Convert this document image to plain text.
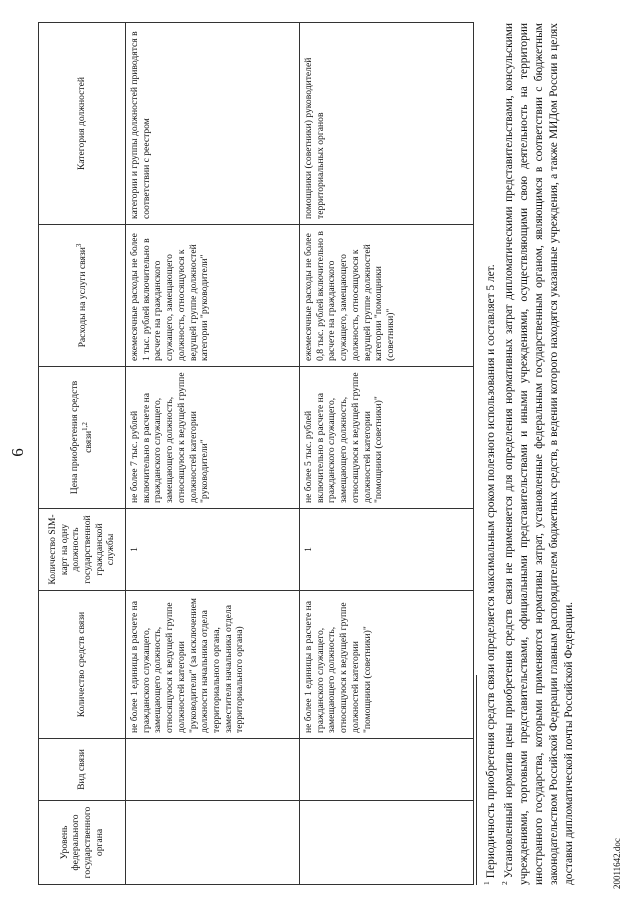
6
Уровень федерального государственного органа	Вид связи	Количество средств связи	Количество SIM-карт на одну должность государственной гражданской службы	Цена приобретения средств связи$^{1,2}$	Расходы на услуги связи$^3$	Категория должностей
		не более 1 единицы в расчете на гражданского служащего, замещающего должность, относящуюся к ведущей группе должностей категории "руководители" (за исключением должности начальника отдела территориального органа, заместителя начальника отдела территориального органа)	1	не более 7 тыс. рублей включительно в расчете на гражданского служащего, замещающего должность, относящуюся к ведущей группе должностей категории "руководители"	ежемесячные расходы не более 1 тыс. рублей включительно в расчете на гражданского служащего, замещающего должность, относящуюся к ведущей группе должностей категории "руководители"	категории и группы должностей приводятся в соответствии с реестром
		не более 1 единицы в расчете на гражданского служащего, замещающего должность, относящуюся к ведущей группе должностей категории "помощники (советники)"	1	не более 5 тыс. рублей включительно в расчете на гражданского служащего, замещающего должность, относящуюся к ведущей группе должностей категории "помощники (советники)"	ежемесячные расходы не более 0,8 тыс. рублей включительно в расчете на гражданского служащего, замещающего должность, относящуюся к ведущей группе должностей категории "помощники (советники)"	помощники (советники) руководителей территориальных органов

$^1$Периодичность приобретения средств связи определяется максимальным сроком полезного использования и составляет 5 лет.

$^2$Установленный норматив цены приобретения средств связи не применяется для определения нормативных затрат дипломатическими представительствами, консульскими учреждениями, торговыми представительствами, официальными представительствами и иными учреждениями, осуществляющими свою деятельность на территории иностранного государства, которыми применяются нормативы затрат, установленные федеральным государственным органом, являющимся в соответствии с бюджетным законодательством Российской Федерации главным распорядителем бюджетных средств, в ведении которого находятся указанные учреждения, а также МИДом России в целях доставки дипломатической почты Российской Федерации.	20011642.doc
